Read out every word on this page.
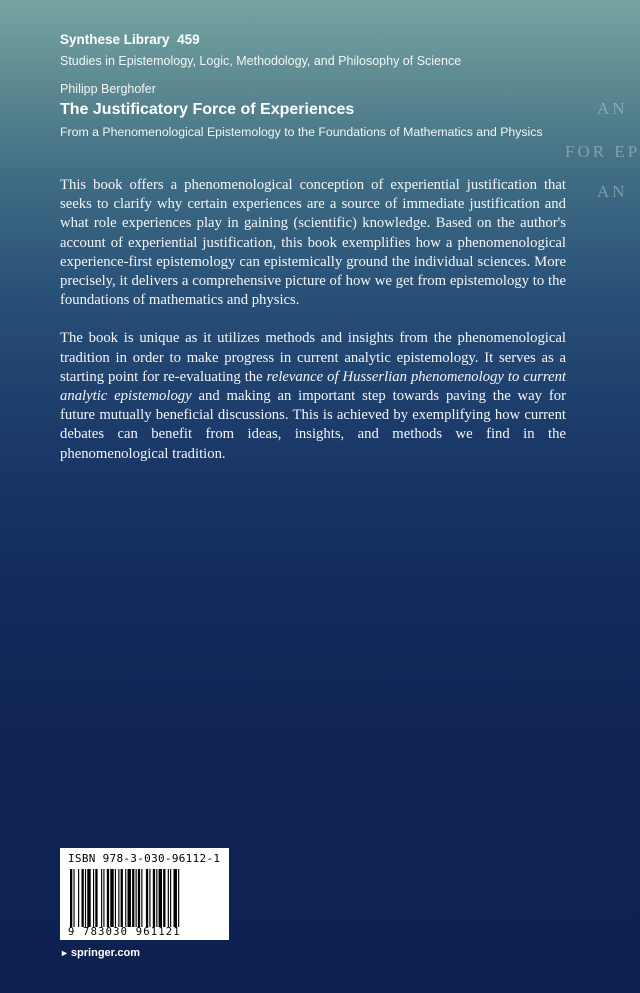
Synthese Library 459
Studies in Epistemology, Logic, Methodology, and Philosophy of Science
Philipp Berghofer
The Justificatory Force of Experiences
From a Phenomenological Epistemology to the Foundations of Mathematics and Physics
AN
FOR EP
AN

This book offers a phenomenological conception of experiential justification that seeks to clarify why certain experiences are a source of immediate justification and what role experiences play in gaining (scientific) knowledge. Based on the author's account of experiential justification, this book exemplifies how a phenomenological experience-first epistemology can epistemically ground the individual sciences. More precisely, it delivers a comprehensive picture of how we get from epistemology to the foundations of mathematics and physics.

The book is unique as it utilizes methods and insights from the phenomenological tradition in order to make progress in current analytic epistemology. It serves as a starting point for re-evaluating the relevance of Husserlian phenomenology to current analytic epistemology and making an important step towards paving the way for future mutually beneficial discussions. This is achieved by exemplifying how current debates can benefit from ideas, insights, and methods we find in the phenomenological tradition.

ISBN 978-3-030-96112-1
9 783030 961121
► springer.com
